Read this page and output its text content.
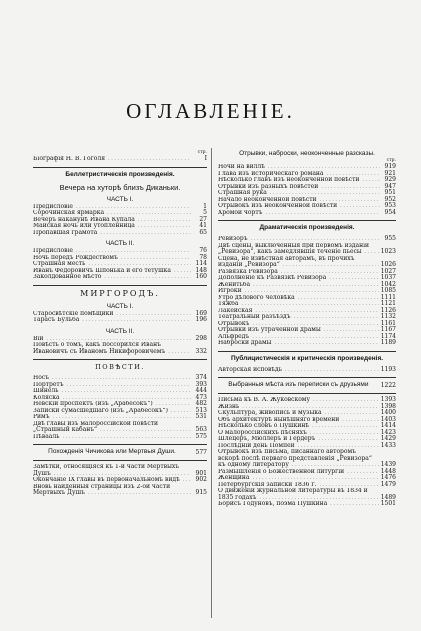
ОГЛАВЛЕНІЕ.
стр.
Біографія Н. В. Гоголя . . .	I
Беллетристическія произведенія.
Вечера на хуторѣ близъ Диканьки.
ЧАСТЬ I.
Предисловіе . . .	1
Сорочинская ярмарка . . .	5
Вечеръ наканунѣ Ивана Купала . . .	27
Майская ночь или утопленница . . .	41
Пропавшая грамота . . .	65
ЧАСТЬ II.
Предисловіе . . .	76
Ночь передъ Рождествомъ . . .	78
Страшная месть . . .	114
Иванъ Федоровичъ Шпонька и его тетушка . . .	148
Заколдованное мѣсто . . .	160
МИРГОРОДЪ.
ЧАСТЬ I.
Старосвѣтскіе помѣщики . . .	169
Тарасъ Бульба . . .	196
ЧАСТЬ II.
Вій . . .	298
Повѣсть о томъ, какъ поссорился Иванъ Ивановичъ съ Иваномъ Никифоровичемъ . . .	332
ПОВѢСТИ.
Носъ . . .	374
Портретъ . . .	393
Шинель . . .	444
Коляска . . .	473
Невскій проспектъ (изъ „Арабесокъ“) . . .	482
Записки сумасшедшаго (изъ „Арабесокъ“) . . .	513
Римъ . . .	531
Двѣ главы изъ малороссійской повѣсти „Страшный кабанъ“ . . .	563
Пѣвааль . . .	575
Похожденія Чичикова или Мертвыя Души.	577
Замѣтки, относящіяся къ 1-й части Мертвыхъ Душъ . . .	901
Окончаніе IX главы въ первоначальномъ видѣ . . .	902
Вновь найденныя страницы изъ 2-ой части Мертвыхъ Душъ . . .	915
Отрывки, наброски, неоконченные разсказы.
стр.
Ночи на виллѣ . . .	919
Глава изъ историческаго романа . . .	921
Нѣсколько главъ изъ неоконченной повѣсти . . .	929
Отрывки изъ разныхъ повѣстей . . .	947
Страшная рука . . .	951
Начало неоконченной повѣсти . . .	952
Отрывокъ изъ неоконченной повѣсти . . .	953
Хромой чортъ . . .	954
Драматическія произведенія.
Ревизоръ . . .	955
Двѣ сцены, выключенныя при первомъ изданіи „Ревизора“, какъ замедлявшія теченіе пьесы . . .	1023
Сцена, не извѣстная авторамъ, въ прочихъ изданіи „Ревизора“ . . .	1026
Развязка Ревизора . . .	1027
Дополненіе къ Развязкѣ Ревизора . . .	1037
Женитьба . . .	1042
Игроки . . .	1085
Утро дѣлового человѣка . . .	1111
Тяжба . . .	1121
Лакейская . . .	1126
Театральный разъѣздъ . . .	1132
Отрывокъ . . .	1161
Отрывки изъ утраченной драмы . . .	1167
Альфредъ . . .	1174
Наброски драмы . . .	1189
Публицистическія и критическія произведенія.
Авторская исповѣдь . . .	1193
Выбранныя мѣста изъ переписки съ друзьями	1222
Письма къ В. А. Жуковскому . . .	1393
Жизнь . . .	1398
Скульптура, живопись и музыка . . .	1400
Объ архитектурѣ нынѣшняго времени . . .	1403
Нѣсколько словъ о Пушкинѣ . . .	1414
О малороссійскихъ пѣсняхъ . . .	1423
Шлецеръ, Мюллеръ и Гердеръ . . .	1429
Послѣдній день Помпеи . . .	1433
Отрывокъ изъ письма, писаннаго авторомъ вскорѣ послѣ перваго представленія „Ревизора“ къ одному литератору . . .	1439
Размышленія о Божественной литургіи . . .	1448
Женщина . . .	1476
Петербургскія записки 1836 г. . . .	1479
О движеніи журнальной литературы въ 1834 и 1835 годахъ . . .	1489
Борисъ Годуновъ, поэма Пушкина . . .	1501
